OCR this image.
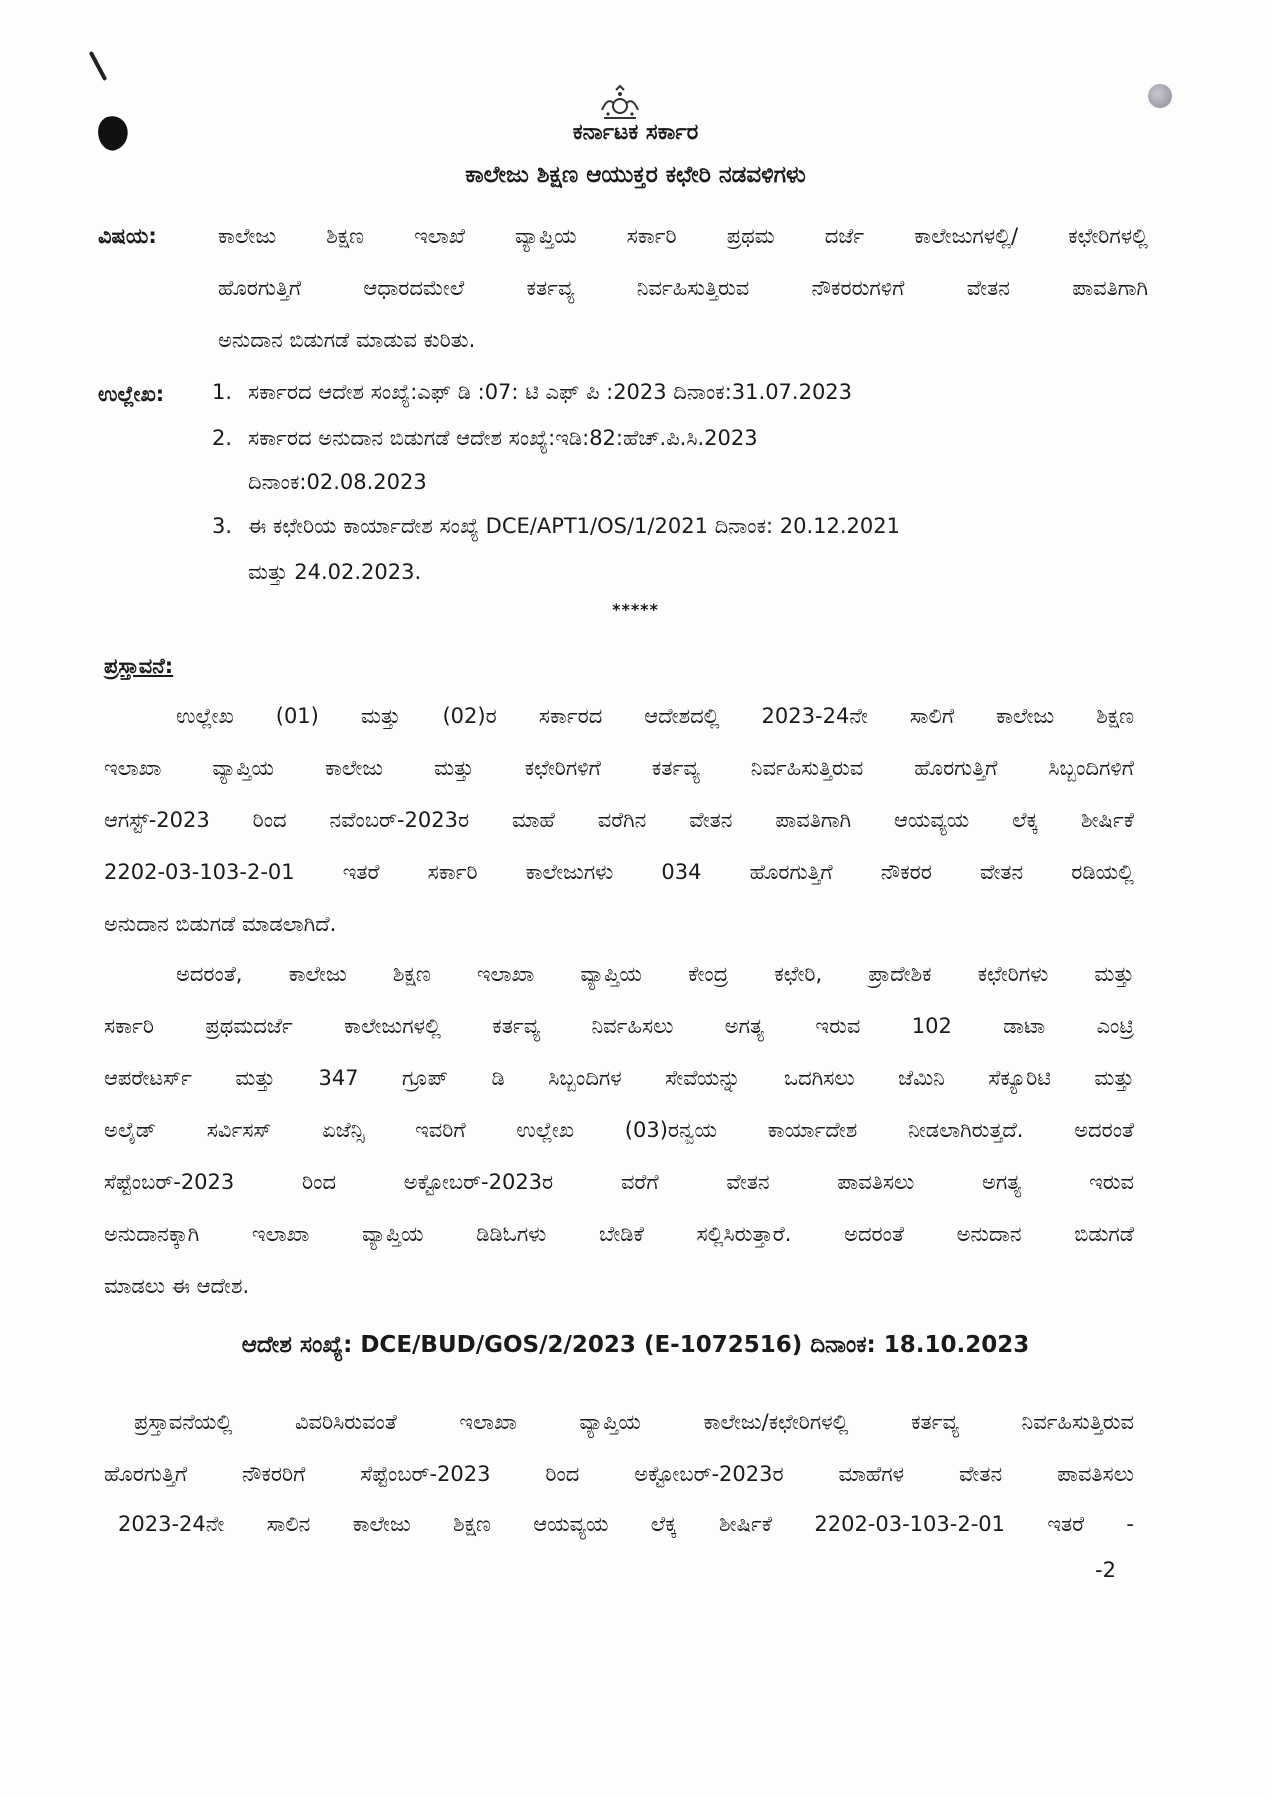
ಕರ್ನಾಟಕ ಸರ್ಕಾರ
ಕಾಲೇಜು ಶಿಕ್ಷಣ ಆಯುಕ್ತರ ಕಛೇರಿ ನಡವಳಿಗಳು
ವಿಷಯ:	ಕಾಲೇಜು ಶಿಕ್ಷಣ ಇಲಾಖೆ ವ್ಯಾಪ್ತಿಯ ಸರ್ಕಾರಿ ಪ್ರಥಮ ದರ್ಜೆ ಕಾಲೇಜುಗಳಲ್ಲಿ/ ಕಛೇರಿಗಳಲ್ಲಿ
ಹೊರಗುತ್ತಿಗೆ ಆಧಾರದಮೇಲೆ ಕರ್ತವ್ಯ ನಿರ್ವಹಿಸುತ್ತಿರುವ ನೌಕರರುಗಳಿಗೆ ವೇತನ ಪಾವತಿಗಾಗಿ
ಅನುದಾನ ಬಿಡುಗಡೆ ಮಾಡುವ ಕುರಿತು.
ಉಲ್ಲೇಖ: 1. ಸರ್ಕಾರದ ಆದೇಶ ಸಂಖ್ಯೆ:ಎಫ್ ಡಿ :07: ಟಿ ಎಫ್ ಪಿ :2023 ದಿನಾಂಕ:31.07.2023
2. ಸರ್ಕಾರದ ಅನುದಾನ ಬಿಡುಗಡೆ ಆದೇಶ ಸಂಖ್ಯೆ:ಇಡಿ:82:ಹೆಚ್.ಪಿ.ಸಿ.2023
ದಿನಾಂಕ:02.08.2023
3. ಈ ಕಛೇರಿಯ ಕಾರ್ಯಾದೇಶ ಸಂಖ್ಯೆ DCE/APT1/OS/1/2021 ದಿನಾಂಕ: 20.12.2021
ಮತ್ತು 24.02.2023.
*****
ಪ್ರಸ್ತಾವನೆ:
ಉಲ್ಲೇಖ (01) ಮತ್ತು (02)ರ ಸರ್ಕಾರದ ಆದೇಶದಲ್ಲಿ 2023-24ನೇ ಸಾಲಿಗೆ ಕಾಲೇಜು ಶಿಕ್ಷಣ
ಇಲಾಖಾ ವ್ಯಾಪ್ತಿಯ ಕಾಲೇಜು ಮತ್ತು ಕಛೇರಿಗಳಿಗೆ ಕರ್ತವ್ಯ ನಿರ್ವಹಿಸುತ್ತಿರುವ ಹೊರಗುತ್ತಿಗೆ ಸಿಬ್ಬಂದಿಗಳಿಗೆ
ಆಗಸ್ಟ್-2023 ರಿಂದ ನವೆಂಬರ್-2023ರ ಮಾಹೆ ವರೆಗಿನ ವೇತನ ಪಾವತಿಗಾಗಿ ಆಯವ್ಯಯ ಲೆಕ್ಕ ಶೀರ್ಷಿಕೆ
2202-03-103-2-01 ಇತರೆ ಸರ್ಕಾರಿ ಕಾಲೇಜುಗಳು 034 ಹೊರಗುತ್ತಿಗೆ ನೌಕರರ ವೇತನ ರಡಿಯಲ್ಲಿ
ಅನುದಾನ ಬಿಡುಗಡೆ ಮಾಡಲಾಗಿದೆ.
ಅದರಂತೆ, ಕಾಲೇಜು ಶಿಕ್ಷಣ ಇಲಾಖಾ ವ್ಯಾಪ್ತಿಯ ಕೇಂದ್ರ ಕಛೇರಿ, ಪ್ರಾದೇಶಿಕ ಕಛೇರಿಗಳು ಮತ್ತು
ಸರ್ಕಾರಿ ಪ್ರಥಮದರ್ಜೆ ಕಾಲೇಜುಗಳಲ್ಲಿ ಕರ್ತವ್ಯ ನಿರ್ವಹಿಸಲು ಅಗತ್ಯ ಇರುವ 102 ಡಾಟಾ ಎಂಟ್ರಿ
ಆಪರೇಟರ್ಸ್ ಮತ್ತು 347 ಗ್ರೂಪ್ ಡಿ ಸಿಬ್ಬಂದಿಗಳ ಸೇವೆಯನ್ನು ಒದಗಿಸಲು ಜೆಮಿನಿ ಸೆಕ್ಯೂರಿಟಿ ಮತ್ತು
ಅಲೈಡ್ ಸರ್ವಿಸಸ್ ಏಜೆನ್ಸಿ ಇವರಿಗೆ ಉಲ್ಲೇಖ (03)ರನ್ವಯ ಕಾರ್ಯಾದೇಶ ನೀಡಲಾಗಿರುತ್ತದೆ. ಅದರಂತೆ
ಸೆಪ್ಟೆಂಬರ್-2023 ರಿಂದ ಅಕ್ಟೋಬರ್-2023ರ ವರೆಗೆ ವೇತನ ಪಾವತಿಸಲು ಅಗತ್ಯ ಇರುವ
ಅನುದಾನಕ್ಕಾಗಿ ಇಲಾಖಾ ವ್ಯಾಪ್ತಿಯ ಡಿಡಿಓಗಳು ಬೇಡಿಕೆ ಸಲ್ಲಿಸಿರುತ್ತಾರೆ. ಅದರಂತೆ ಅನುದಾನ ಬಿಡುಗಡೆ
ಮಾಡಲು ಈ ಆದೇಶ.
ಆದೇಶ ಸಂಖ್ಯೆ: DCE/BUD/GOS/2/2023 (E-1072516) ದಿನಾಂಕ: 18.10.2023
ಪ್ರಸ್ತಾವನೆಯಲ್ಲಿ ವಿವರಿಸಿರುವಂತೆ ಇಲಾಖಾ ವ್ಯಾಪ್ತಿಯ ಕಾಲೇಜು/ಕಛೇರಿಗಳಲ್ಲಿ ಕರ್ತವ್ಯ ನಿರ್ವಹಿಸುತ್ತಿರುವ
ಹೊರಗುತ್ತಿಗೆ ನೌಕರರಿಗೆ ಸೆಪ್ಟೆಂಬರ್-2023 ರಿಂದ ಅಕ್ಟೋಬರ್-2023ರ ಮಾಹೆಗಳ ವೇತನ ಪಾವತಿಸಲು
2023-24ನೇ ಸಾಲಿನ ಕಾಲೇಜು ಶಿಕ್ಷಣ ಆಯವ್ಯಯ ಲೆಕ್ಕ ಶೀರ್ಷಿಕೆ 2202-03-103-2-01 ಇತರೆ -
-2
